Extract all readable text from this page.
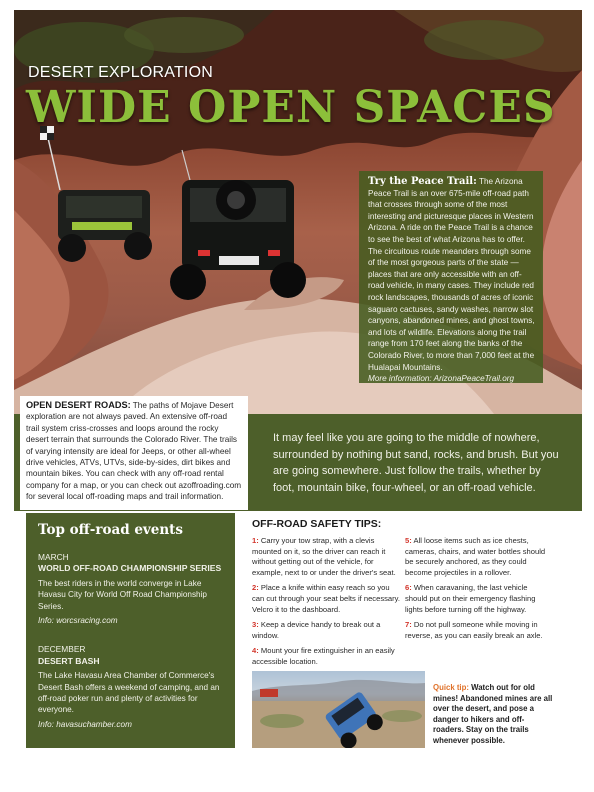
DESERT EXPLORATION
WIDE OPEN SPACES
Try the Peace Trail: The Arizona Peace Trail is an over 675-mile off-road path that crosses through some of the most interesting and picturesque places in Western Arizona. A ride on the Peace Trail is a chance to see the best of what Arizona has to offer. The circuitous route meanders through some of the most gorgeous parts of the state — places that are only accessible with an off-road vehicle, in many cases. They include red rock landscapes, thousands of acres of iconic saguaro cactuses, sandy washes, narrow slot canyons, abandoned mines, and ghost towns, and lots of wildlife. Elevations along the trail range from 170 feet along the banks of the Colorado River, to more than 7,000 feet at the Hualapai Mountains.
More information: ArizonaPeaceTrail.org
It may feel like you are going to the middle of nowhere, surrounded by nothing but sand, rocks, and brush. But you are going somewhere. Just follow the trails, whether by foot, mountain bike, four-wheel, or an off-road vehicle.
OPEN DESERT ROADS: The paths of Mojave Desert exploration are not always paved. An extensive off-road trail system criss-crosses and loops around the rocky desert terrain that surrounds the Colorado River. The trails of varying intensity are ideal for Jeeps, or other all-wheel drive vehicles, ATVs, UTVs, side-by-sides, dirt bikes and mountain bikes. You can check with any off-road rental company for a map, or you can check out azoffroading.com for several local off-roading maps and trail information.
Top off-road events
MARCH
WORLD OFF-ROAD CHAMPIONSHIP SERIES
The best riders in the world converge in Lake Havasu City for World Off Road Championship Series.
Info: worcsracing.com
DECEMBER
DESERT BASH
The Lake Havasu Area Chamber of Commerce's Desert Bash offers a weekend of camping, and an off-road poker run and plenty of activities for everyone.
Info: havasuchamber.com
OFF-ROAD SAFETY TIPS:
1: Carry your tow strap, with a clevis mounted on it, so the driver can reach it without getting out of the vehicle, for example, next to or under the driver's seat.
2: Place a knife within easy reach so you can cut through your seat belts if necessary. Velcro it to the dashboard.
3: Keep a device handy to break out a window.
4: Mount your fire extinguisher in an easily accessible location.
5: All loose items such as ice chests, cameras, chairs, and water bottles should be securely anchored, as they could become projectiles in a rollover.
6: When caravaning, the last vehicle should put on their emergency flashing lights before turning off the highway.
7: Do not pull someone while moving in reverse, as you can easily break an axle.
Quick tip: Watch out for old mines! Abandoned mines are all over the desert, and pose a danger to hikers and off-roaders. Stay on the trails whenever possible.
